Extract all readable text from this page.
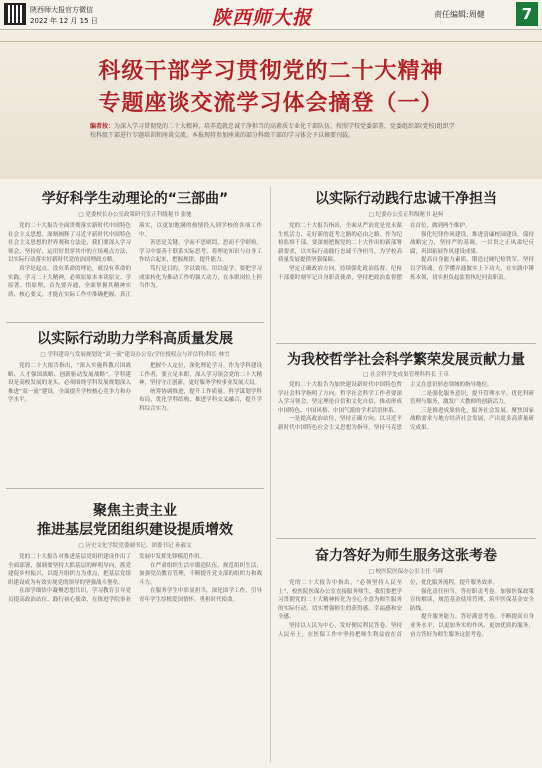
陕西师大报官方微信
2022 年 12 月 15 日	陕西师大报	责任编辑:周健	7
科级干部学习贯彻党的二十大精神
专题座谈交流学习体会摘登（一）
编者按：为深入学习贯彻党的二十大精神，培养造就忠诚干净担当的高素质专业化干部队伍，按照学校党委部署，党委组织部(党校)组织学校科级干部进行专题培训和座谈交流。本报现将参加座谈的部分科级干部的学习体会予以摘要刊载。
学好科学生动理论的“三部曲”
□ 党委校长办公室政策研究室正科级秘书 张驰

党的二十大报告全面贯彻落实新时代中国特色社会主义思想，深刻阐释了习近平新时代中国特色社会主义思想的世界观和方法论，我们要深入学习领会，坚持好、运用好贯穿其中的立场观点方法，以实际行动落实好新时代党的治国理政方略。

真学是起点。没有革命的理论，就没有革命的实践。学习二十大精神，必须原原本本读原文、学原著、悟原理，首先要弄通，全面掌握其精神实质、核心要义，才能在实际工作中准确把握、真正落实，以更加饱满的热情投入到学校的各项工作中。

善思是关键。学而不思则罔，思而不学则殆。学习中要善于联系实际思考，将理论知识与自身工作结合起来，把握规律，提升能力。

笃行是目的。学以致用，用以促学，要把学习成果转化为推动工作的强大动力，在本职岗位上担当作为。

以实际行动助力学科高质量发展
□ 学科建设与发展规划处“双一流”建设办公室(学位授权点与评估科)科长 林雪

党的二十大报告指出，“深入实施科教兴国战略、人才强国战略、创新驱动发展战略”。学科建设是高校发展的龙头，必须围绕学科发展规划深入推进“双一流”建设，全面提升学校核心竞争力和办学水平。

把握个人定位，深化理论学习。作为学科建设工作者，要立足本职，深入学习领会党的二十大精神，坚持守正创新，更好服务学校事业发展大局。

统筹协调推进，提升工作质量。科学谋划学科布局，优化学科结构，推进学科交叉融合，提升学科综合实力。

聚焦主责主业
推进基层党团组织建设提质增效
□ 历史文化学院党委副书记、团委书记 孙毅文

党的二十大报告对推进基层党组织建设作出了全面部署，强调要坚持大抓基层的鲜明导向，抓党建促乡村振兴，以提升组织力为重点，把基层党组织建设成为有效实现党的领导的坚强战斗堡垒。

在深学细悟中凝聚思想共识，学习教育引导党员提高政治站位、践行初心使命，在推进学院事业发展中发挥先锋模范作用。

在严肃组织生活中锻造队伍，规范组织生活，加强党员教育管理，不断提升党支部的组织力和战斗力。

在服务学生中彰显担当，深化团学工作，引导青年学生厚植爱国情怀，勇担时代使命。

以实际行动践行忠诚干净担当
□ 纪委办公室正科级秘书 赵柯

党的二十大报告指出，全面从严治党是党永葆生机活力、走好新的赶考之路的必由之路。作为纪检监察干部，要深刻把握党的二十大作出的新部署新要求，以实际行动践行忠诚干净担当，为学校高质量发展提供坚强保障。

坚定正确政治方向，持续强化政治监督。纪检干部要时刻牢记自身职责使命，坚持把政治监督摆在首位，做到两个维护。

强化纪律作风建设，推进清廉校园建设。保持战略定力，坚持严的基调，一以贯之正风肃纪反腐，巩固拓展作风建设成果。

提高自身能力素质，锻造过硬纪检铁军。坚持以学铸魂，在学懂弄通做实上下功夫，在实践中锤炼本领，切实担负起监督执纪问责职责。

为我校哲学社会科学繁荣发展贡献力量
□ 社会科学处成果管理科科长 王卓

党的二十大报告为加快建设新时代中国特色哲学社会科学指明了方向。哲学社会科学工作者要深入学习领会，坚定理论自信和文化自信，推动形成中国特色、中国风格、中国气派的学术话语体系。

一是提高政治站位，坚持正确方向。以习近平新时代中国特色社会主义思想为指导，坚持马克思主义在意识形态领域的指导地位。

二是强化服务意识，提升管理水平。优化科研管理与服务，激发广大教师的创新活力。

三是推进成果转化，服务社会发展。聚焦国家战略需求与地方经济社会发展，产出更多高质量研究成果。

奋力答好为师生服务这张考卷
□ 校医院医保办公室主任 马晖

党的二十大报告中指出，“必须坚持人民至上”，校医院医保办公室直接服务师生，我们要把学习贯彻党的二十大精神转化为全心全意为师生服务的实际行动，切实增强师生的获得感、幸福感和安全感。

坚持以人民为中心，发好便民利民答卷。坚持人民至上，在医保工作中坚持把师生利益放在首位，优化服务流程，提升服务效率。

强化责任担当，答好职责考卷。加强医保政策宣传解读，规范基金使用管理，筑牢医保基金安全防线。

提升服务能力，答好满意考卷。不断提高自身业务水平，以更加务实的作风、更加优质的服务，奋力答好为师生服务这张考卷。
